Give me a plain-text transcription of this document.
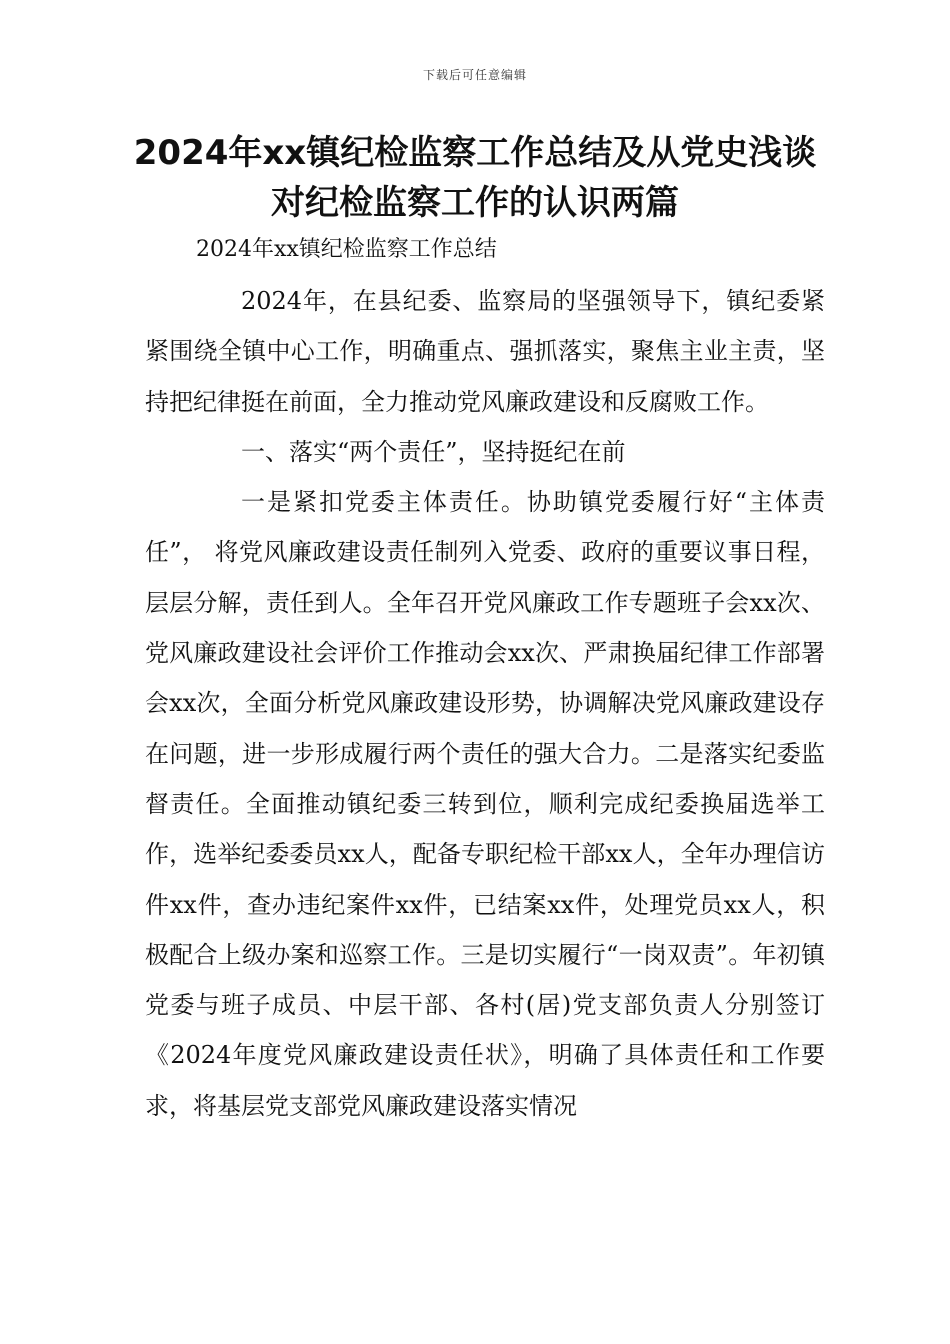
下载后可任意编辑
2024年xx镇纪检监察工作总结及从党史浅谈对纪检监察工作的认识两篇

2024年xx镇纪检监察工作总结

2024年，在县纪委、监察局的坚强领导下，镇纪委紧紧围绕全镇中心工作，明确重点、强抓落实，聚焦主业主责，坚持把纪律挺在前面，全力推动党风廉政建设和反腐败工作。

一、落实“两个责任”，坚持挺纪在前

一是紧扣党委主体责任。协助镇党委履行好“主体责任”， 将党风廉政建设责任制列入党委、政府的重要议事日程，层层分解，责任到人。全年召开党风廉政工作专题班子会xx次、党风廉政建设社会评价工作推动会xx次、严肃换届纪律工作部署会xx次，全面分析党风廉政建设形势，协调解决党风廉政建设存在问题，进一步形成履行两个责任的强大合力。二是落实纪委监督责任。全面推动镇纪委三转到位，顺利完成纪委换届选举工作，选举纪委委员xx人，配备专职纪检干部xx人，全年办理信访件xx件，查办违纪案件xx件，已结案xx件，处理党员xx人，积极配合上级办案和巡察工作。三是切实履行“一岗双责”。年初镇党委与班子成员、中层干部、各村(居)党支部负责人分别签订《2024年度党风廉政建设责任状》，明确了具体责任和工作要求，将基层党支部党风廉政建设落实情况
